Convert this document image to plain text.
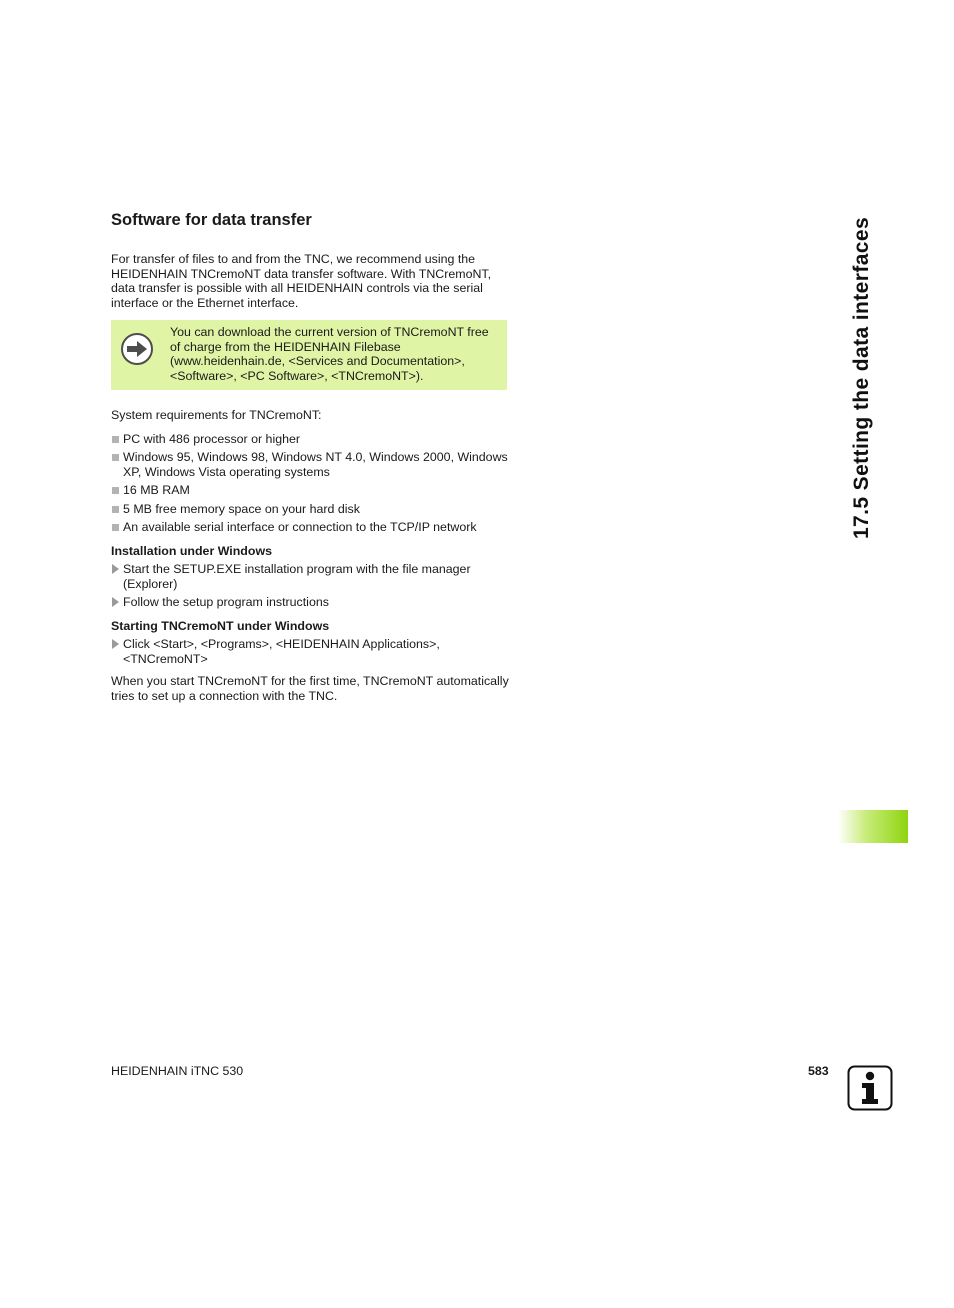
Software for data transfer

For transfer of files to and from the TNC, we recommend using the HEIDENHAIN TNCremoNT data transfer software. With TNCremoNT, data transfer is possible with all HEIDENHAIN controls via the serial interface or the Ethernet interface.

You can download the current version of TNCremoNT free of charge from the HEIDENHAIN Filebase (www.heidenhain.de, <Services and Documentation>, <Software>, <PC Software>, <TNCremoNT>).

System requirements for TNCremoNT:

PC with 486 processor or higher
Windows 95, Windows 98, Windows NT 4.0, Windows 2000, Windows XP, Windows Vista operating systems
16 MB RAM
5 MB free memory space on your hard disk
An available serial interface or connection to the TCP/IP network

Installation under Windows

Start the SETUP.EXE installation program with the file manager (Explorer)
Follow the setup program instructions

Starting TNCremoNT under Windows

Click <Start>, <Programs>, <HEIDENHAIN Applications>, <TNCremoNT>

When you start TNCremoNT for the first time, TNCremoNT automatically tries to set up a connection with the TNC.

17.5 Setting the data interfaces
HEIDENHAIN iTNC 530	583
